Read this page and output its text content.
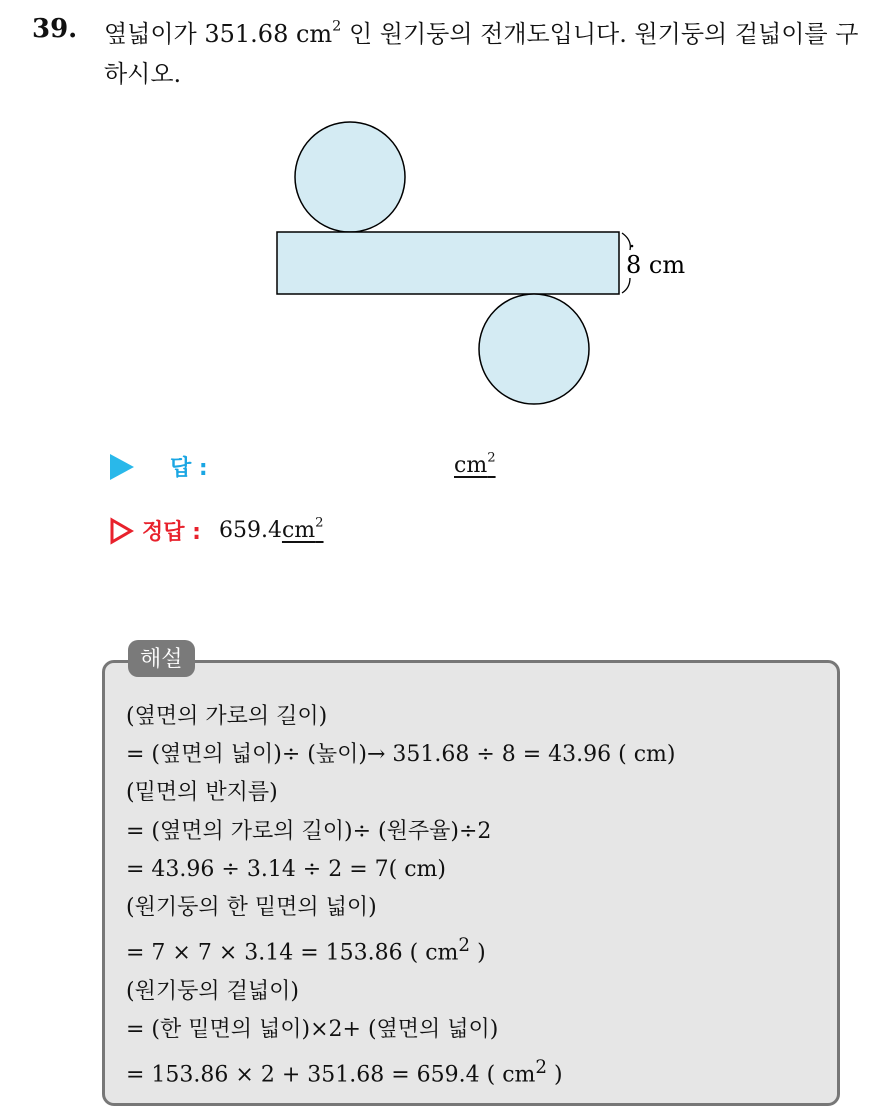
39. 옆넓이가 351.68 $cm^2$ 인 원기둥의 전개도입니다. 원기둥의 겉넓이를 구하시오.
8 cm
답 :	$cm^2$
정답 : 659.4 $cm^2$
해설
(옆면의 가로의 길이)
= (옆면의 넓이)÷ (높이)→ 351.68 ÷ 8 = 43.96 ( cm)
(밑면의 반지름)
= (옆면의 가로의 길이)÷ (원주율)÷2
= 43.96 ÷ 3.14 ÷ 2 = 7( cm)
(원기둥의 한 밑면의 넓이)
= 7 × 7 × 3.14 = 153.86 ( $cm^2$ )
(원기둥의 겉넓이)
= (한 밑면의 넓이)×2+ (옆면의 넓이)
= 153.86 × 2 + 351.68 = 659.4 ( $cm^2$ )
